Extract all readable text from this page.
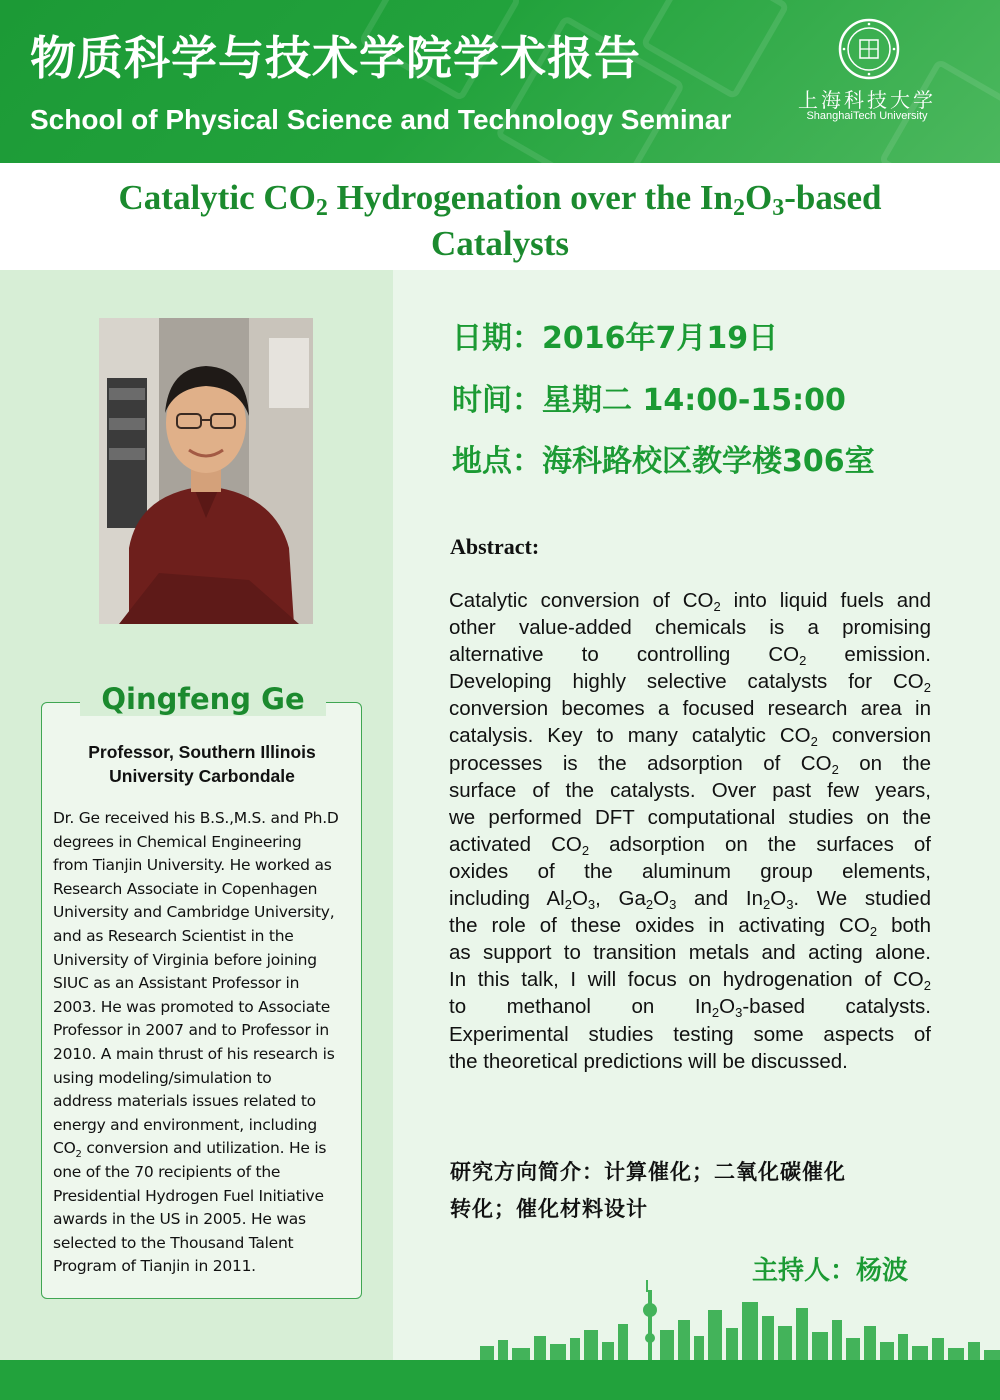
物质科学与技术学院学术报告
School of Physical Science and Technology Seminar
上海科技大学
ShanghaiTech University
Catalytic $CO_2$ Hydrogenation over the $In_2O_3$-based
Catalysts
Qingfeng Ge
Professor, Southern Illinois
University Carbondale
Dr. Ge received his B.S.,M.S. and Ph.D
degrees in Chemical Engineering
from Tianjin University. He worked as
Research Associate in Copenhagen
University and Cambridge University,
and as Research Scientist in the
University of Virginia before joining
SIUC as an Assistant Professor in
2003. He was promoted to Associate
Professor in 2007 and to Professor in
2010. A main thrust of his research is
using modeling/simulation to
address materials issues related to
energy and environment, including
$CO_2$ conversion and utilization. He is
one of the 70 recipients of the
Presidential Hydrogen Fuel Initiative
awards in the US in 2005. He was
selected to the Thousand Talent
Program of Tianjin in 2011.
日期：2016年7月19日
时间：星期二 14:00-15:00
地点：海科路校区教学楼306室
Abstract:
Catalytic conversion of $CO_2$ into liquid fuels and
other value-added chemicals is a promising
alternative to controlling $CO_2$ emission.
Developing highly selective catalysts for $CO_2$
conversion becomes a focused research area in
catalysis. Key to many catalytic $CO_2$ conversion
processes is the adsorption of $CO_2$ on the
surface of the catalysts. Over past few years,
we performed DFT computational studies on the
activated $CO_2$ adsorption on the surfaces of
oxides of the aluminum group elements,
including $Al_2O_3$, $Ga_2O_3$ and $In_2O_3$. We studied
the role of these oxides in activating $CO_2$ both
as support to transition metals and acting alone.
In this talk, I will focus on hydrogenation of $CO_2$
to methanol on $In_2O_3$-based catalysts.
Experimental studies testing some aspects of
the theoretical predictions will be discussed.
研究方向简介：计算催化；二氧化碳催化
转化；催化材料设计
主持人：杨波
